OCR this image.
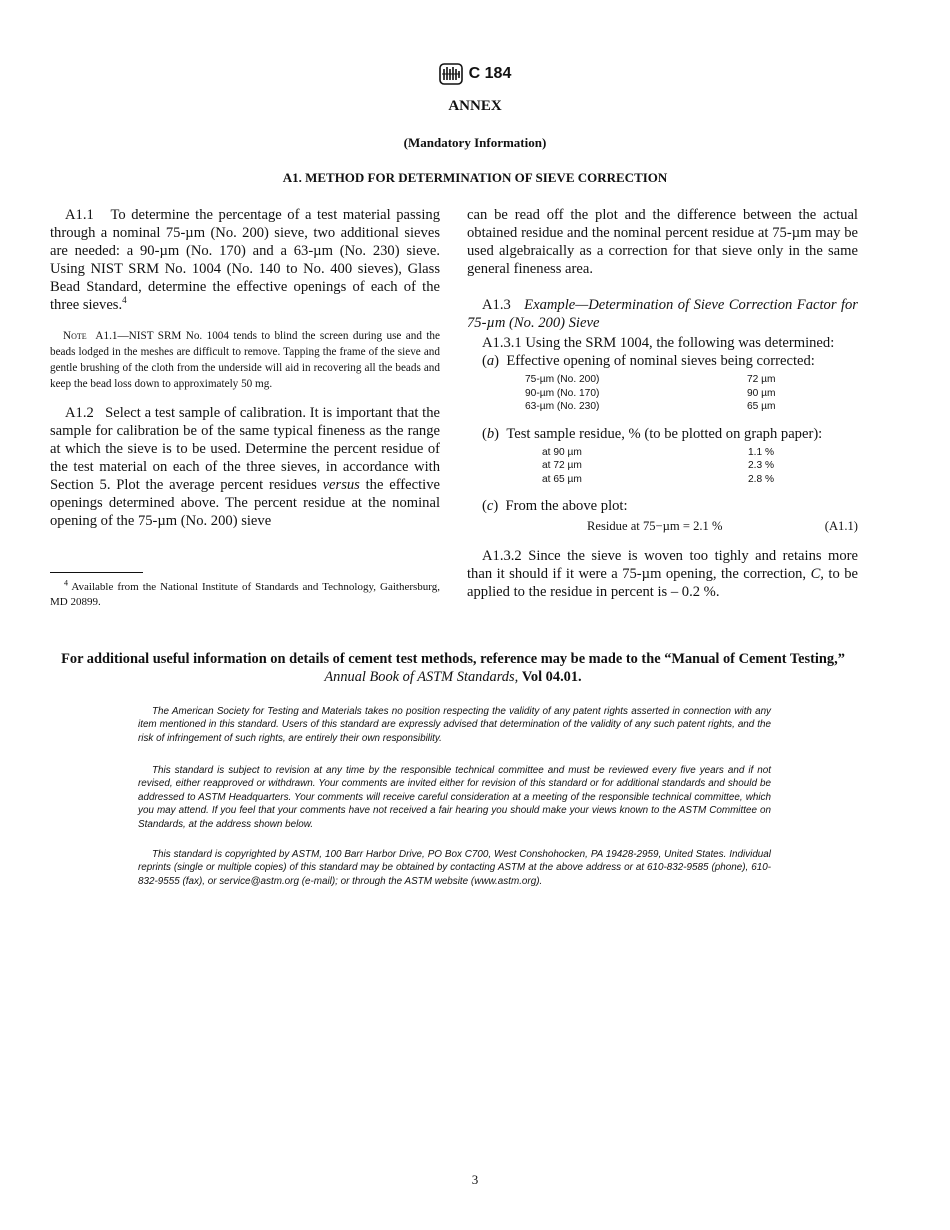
C 184
ANNEX
(Mandatory Information)
A1. METHOD FOR DETERMINATION OF SIEVE CORRECTION

A1.1 To determine the percentage of a test material passing through a nominal 75-µm (No. 200) sieve, two additional sieves are needed: a 90-µm (No. 170) and a 63-µm (No. 230) sieve. Using NIST SRM No. 1004 (No. 140 to No. 400 sieves), Glass Bead Standard, determine the effective openings of each of the three sieves.$^4$

Note A1.1—NIST SRM No. 1004 tends to blind the screen during use and the beads lodged in the meshes are difficult to remove. Tapping the frame of the sieve and gentle brushing of the cloth from the underside will aid in recovering all the beads and keep the bead loss down to approximately 50 mg.

A1.2 Select a test sample of calibration. It is important that the sample for calibration be of the same typical fineness as the range at which the sieve is to be used. Determine the percent residue of the test material on each of the three sieves, in accordance with Section 5. Plot the average percent residues versus the effective openings determined above. The percent residue at the nominal opening of the 75-µm (No. 200) sieve

can be read off the plot and the difference between the actual obtained residue and the nominal percent residue at 75-µm may be used algebraically as a correction for that sieve only in the same general fineness area.

A1.3 Example—Determination of Sieve Correction Factor for 75-µm (No. 200) Sieve

A1.3.1 Using the SRM 1004, the following was determined:

(a)  Effective opening of nominal sieves being corrected:

75-µm (No. 200)	72 µm
90-µm (No. 170)	90 µm
63-µm (No. 230)	65 µm

(b)  Test sample residue, % (to be plotted on graph paper):

at 90 µm	1.1 %
at 72 µm	2.3 %
at 65 µm	2.8 %

(c)  From the above plot:

Residue at 75−µm = 2.1 %	(A1.1)

A1.3.2 Since the sieve is woven too tighly and retains more than it should if it were a 75-µm opening, the correction, C, to be applied to the residue in percent is – 0.2 %.

$^4$ Available from the National Institute of Standards and Technology, Gaithersburg, MD 20899.
For additional useful information on details of cement test methods, reference may be made to the “Manual of Cement Testing,” Annual Book of ASTM Standards, Vol 04.01.
The American Society for Testing and Materials takes no position respecting the validity of any patent rights asserted in connection with any item mentioned in this standard. Users of this standard are expressly advised that determination of the validity of any such patent rights, and the risk of infringement of such rights, are entirely their own responsibility.
This standard is subject to revision at any time by the responsible technical committee and must be reviewed every five years and if not revised, either reapproved or withdrawn. Your comments are invited either for revision of this standard or for additional standards and should be addressed to ASTM Headquarters. Your comments will receive careful consideration at a meeting of the responsible technical committee, which you may attend. If you feel that your comments have not received a fair hearing you should make your views known to the ASTM Committee on Standards, at the address shown below.
This standard is copyrighted by ASTM, 100 Barr Harbor Drive, PO Box C700, West Conshohocken, PA 19428-2959, United States. Individual reprints (single or multiple copies) of this standard may be obtained by contacting ASTM at the above address or at 610-832-9585 (phone), 610-832-9555 (fax), or service@astm.org (e-mail); or through the ASTM website (www.astm.org).
3
